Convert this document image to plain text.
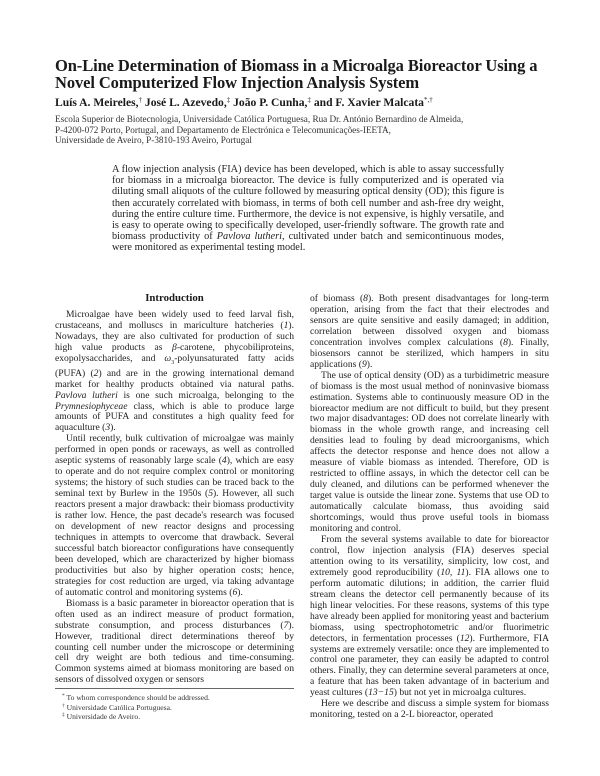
On-Line Determination of Biomass in a Microalga Bioreactor Using a Novel Computerized Flow Injection Analysis System
Luís A. Meireles,† José L. Azevedo,‡ João P. Cunha,‡ and F. Xavier Malcata*,†
Escola Superior de Biotecnologia, Universidade Católica Portuguesa, Rua Dr. António Bernardino de Almeida,
P-4200-072 Porto, Portugal, and Departamento de Electrónica e Telecomunicações-IEETA,
Universidade de Aveiro, P-3810-193 Aveiro, Portugal

A flow injection analysis (FIA) device has been developed, which is able to assay successfully for biomass in a microalga bioreactor. The device is fully computerized and is operated via diluting small aliquots of the culture followed by measuring optical density (OD); this figure is then accurately correlated with biomass, in terms of both cell number and ash-free dry weight, during the entire culture time. Furthermore, the device is not expensive, is highly versatile, and is easy to operate owing to specifically developed, user-friendly software. The growth rate and biomass productivity of Pavlova lutheri, cultivated under batch and semicontinuous modes, were monitored as experimental testing model.

Introduction

Microalgae have been widely used to feed larval fish, crustaceans, and molluscs in mariculture hatcheries (1). Nowadays, they are also cultivated for production of such high value products as β-carotene, phycobiliproteins, exopolysaccharides, and $\omega_3$-polyunsaturated fatty acids (PUFA) (2) and are in the growing international demand market for healthy products obtained via natural paths. Pavlova lutheri is one such microalga, belonging to the Prymnesiophyceae class, which is able to produce large amounts of PUFA and constitutes a high quality feed for aquaculture (3).

Until recently, bulk cultivation of microalgae was mainly performed in open ponds or raceways, as well as controlled aseptic systems of reasonably large scale (4), which are easy to operate and do not require complex control or monitoring systems; the history of such studies can be traced back to the seminal text by Burlew in the 1950s (5). However, all such reactors present a major drawback: their biomass productivity is rather low. Hence, the past decade's research was focused on development of new reactor designs and processing techniques in attempts to overcome that drawback. Several successful batch bioreactor configurations have consequently been developed, which are characterized by higher biomass productivities but also by higher operation costs; hence, strategies for cost reduction are urged, via taking advantage of automatic control and monitoring systems (6).

Biomass is a basic parameter in bioreactor operation that is often used as an indirect measure of product formation, substrate consumption, and process disturbances (7). However, traditional direct determinations thereof by counting cell number under the microscope or determining cell dry weight are both tedious and time-consuming. Common systems aimed at biomass monitoring are based on sensors of dissolved oxygen or sensors

* To whom correspondence should be addressed.
† Universidade Católica Portuguesa.
‡ Universidade de Aveiro.

of biomass (8). Both present disadvantages for long-term operation, arising from the fact that their electrodes and sensors are quite sensitive and easily damaged; in addition, correlation between dissolved oxygen and biomass concentration involves complex calculations (8). Finally, biosensors cannot be sterilized, which hampers in situ applications (9).

The use of optical density (OD) as a turbidimetric measure of biomass is the most usual method of noninvasive biomass estimation. Systems able to continuously measure OD in the bioreactor medium are not difficult to build, but they present two major disadvantages: OD does not correlate linearly with biomass in the whole growth range, and increasing cell densities lead to fouling by dead microorganisms, which affects the detector response and hence does not allow a measure of viable biomass as intended. Therefore, OD is restricted to offline assays, in which the detector cell can be duly cleaned, and dilutions can be performed whenever the target value is outside the linear zone. Systems that use OD to automatically calculate biomass, thus avoiding said shortcomings, would thus prove useful tools in biomass monitoring and control.

From the several systems available to date for bioreactor control, flow injection analysis (FIA) deserves special attention owing to its versatility, simplicity, low cost, and extremely good reproducibility (10, 11). FIA allows one to perform automatic dilutions; in addition, the carrier fluid stream cleans the detector cell permanently because of its high linear velocities. For these reasons, systems of this type have already been applied for monitoring yeast and bacterium biomass, using spectrophotometric and/or fluorimetric detectors, in fermentation processes (12). Furthermore, FIA systems are extremely versatile: once they are implemented to control one parameter, they can easily be adapted to control others. Finally, they can determine several parameters at once, a feature that has been taken advantage of in bacterium and yeast cultures (13−15) but not yet in microalga cultures.

Here we describe and discuss a simple system for biomass monitoring, tested on a 2-L bioreactor, operated
